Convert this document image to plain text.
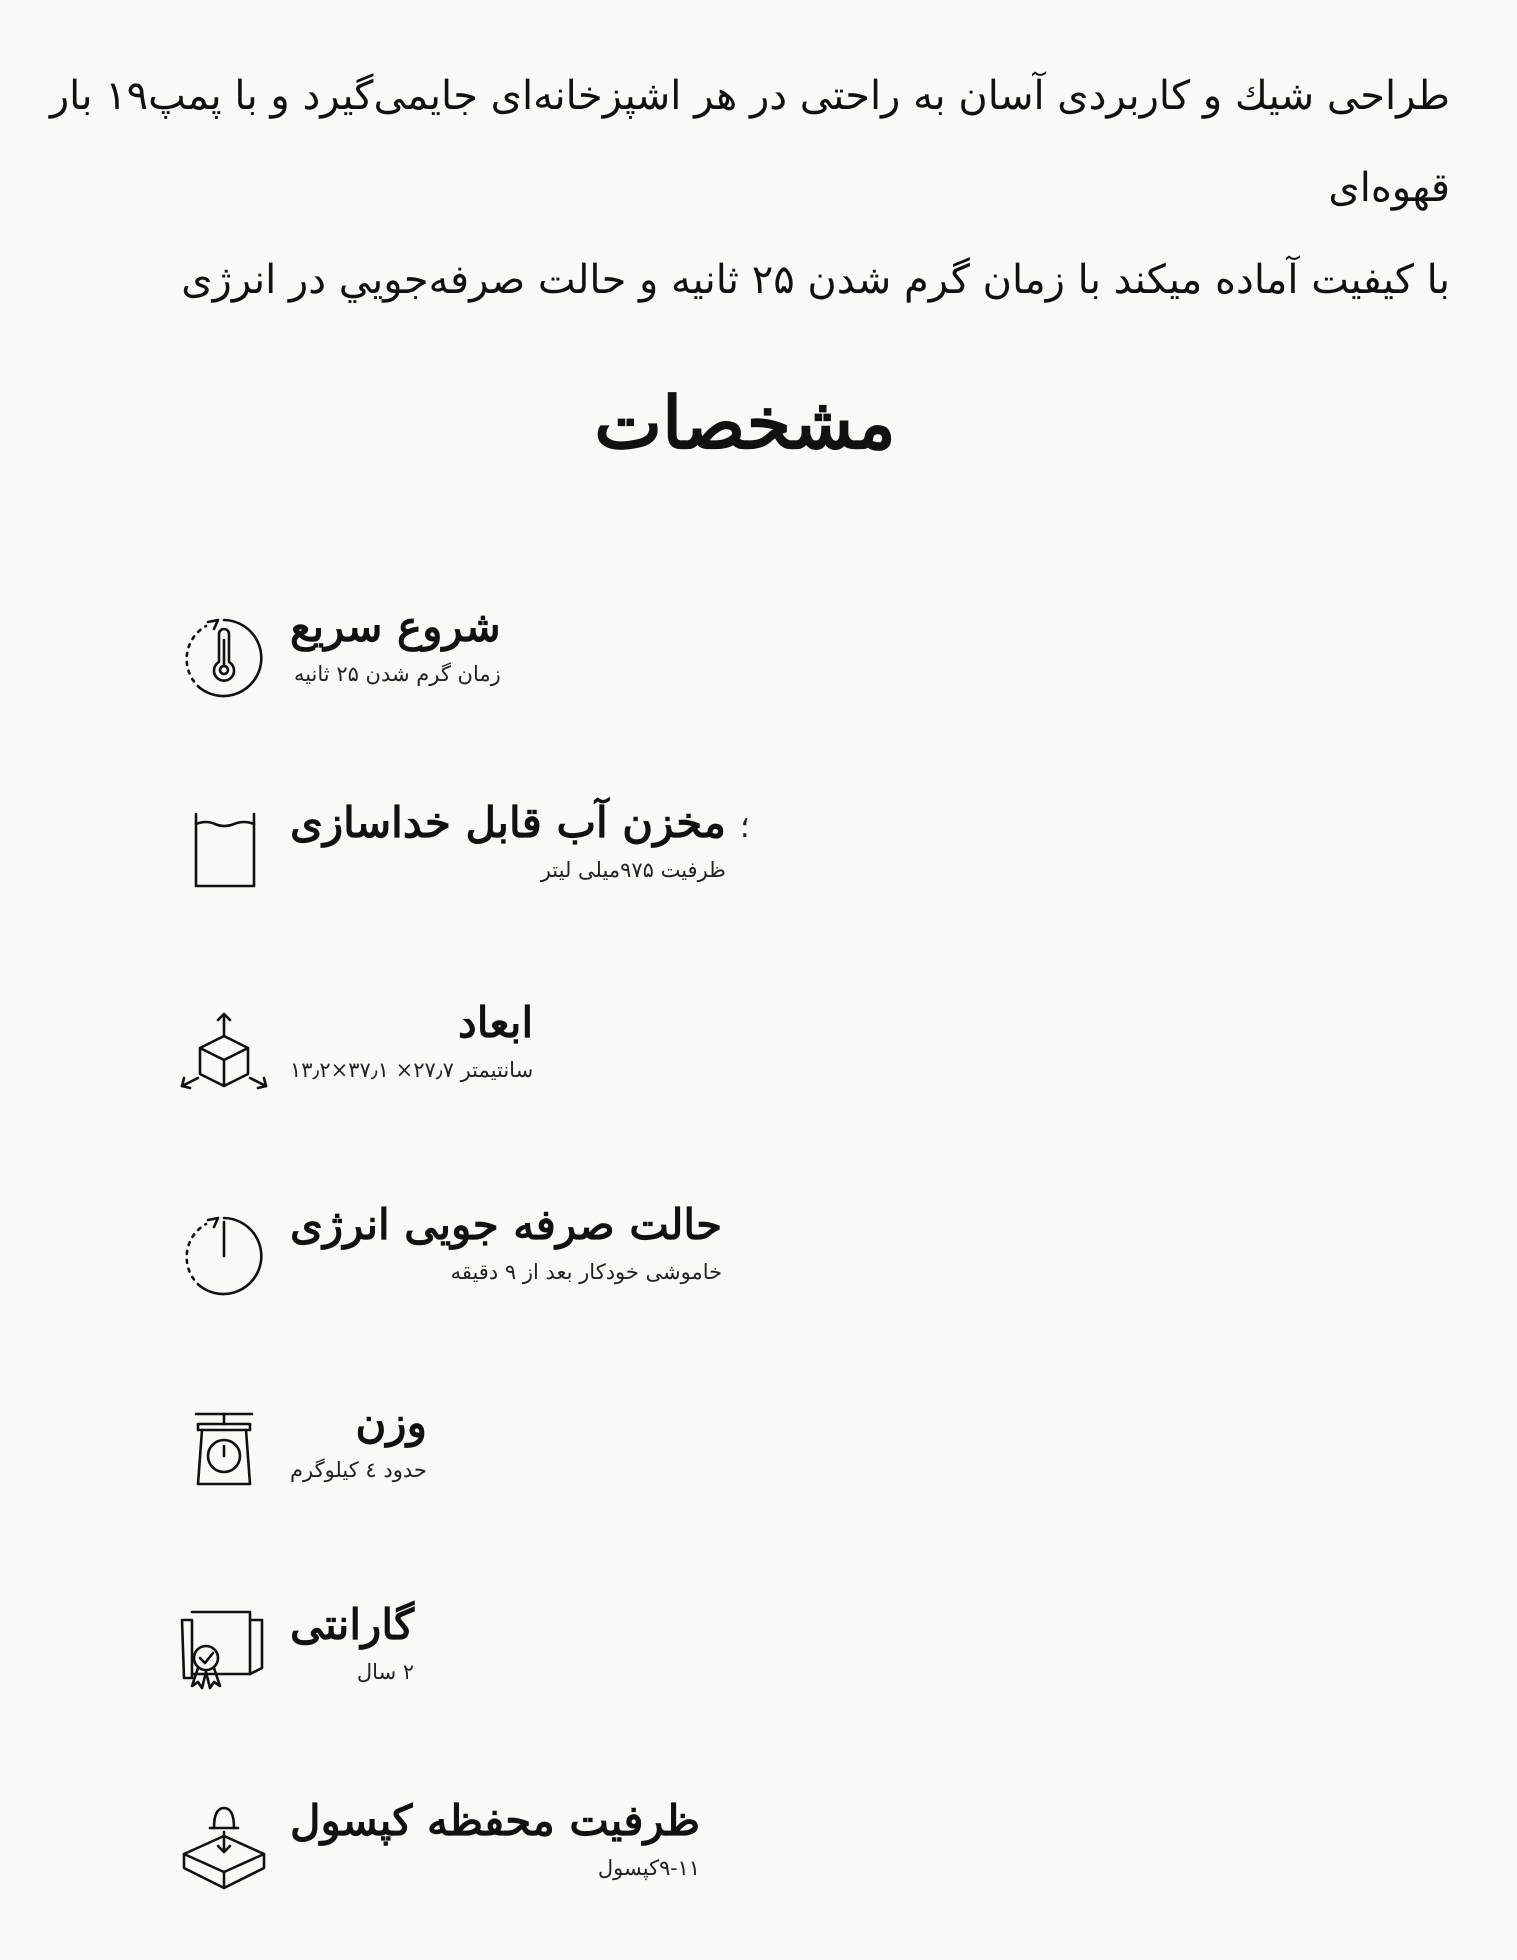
طراحی شیك و کاربردی آسان به راحتی در هر اشپزخانه‌ای جایمی‌گیرد و با پمپ۱۹ بار قهوه‌ای

با کیفیت آماده میکند با زمان گرم شدن ۲۵ ثانیه و حالت صرفه‌جويي در انرژی

مشخصات
شروع سریع
زمان گرم شدن ۲۵ ثانیه
مخزن آب قابل خداسازی
ظرفیت ۹۷۵میلی لیتر
ابعاد
سانتیمتر ۲۷٫۷× ۳۷٫۱×۱۳٫۲
حالت صرفه جویی انرژی
خاموشی خودکار بعد از ۹ دقیقه
وزن
حدود ٤ کیلوگرم
گارانتی
۲ سال
ظرفیت محفظه کپسول
۹-۱۱کپسول
؛
